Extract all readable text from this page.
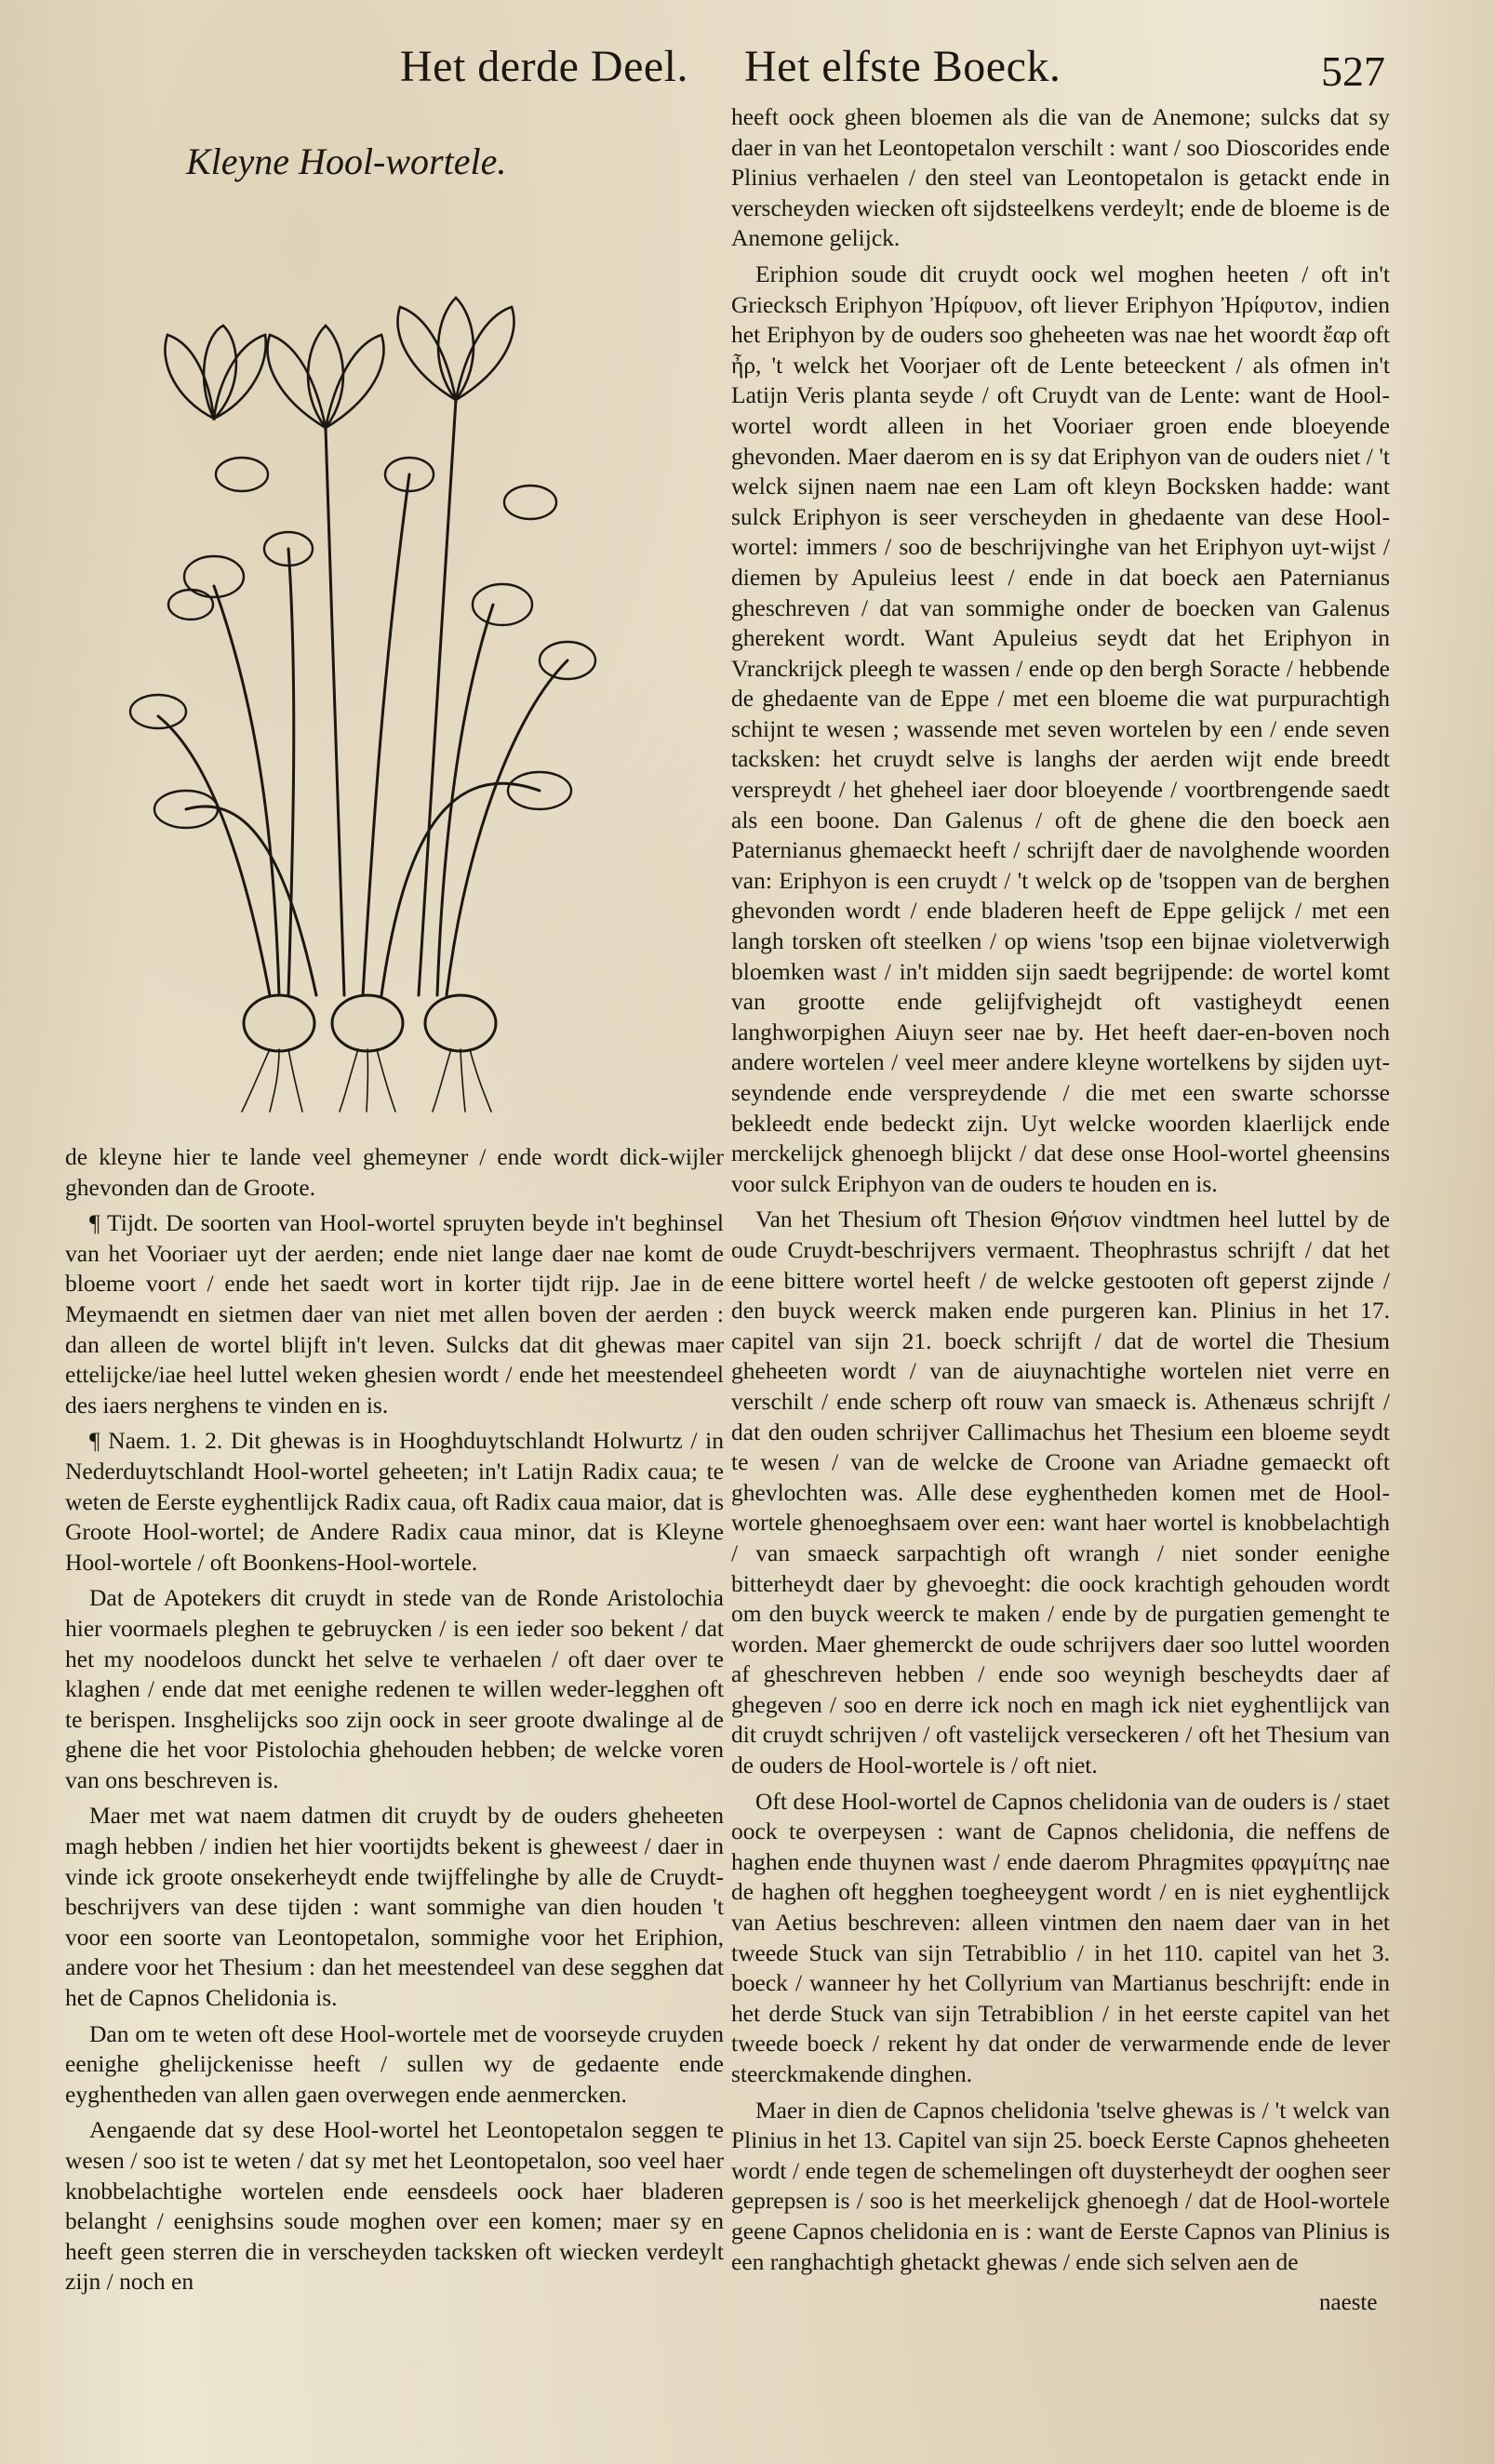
Het derde Deel. Het elfste Boeck.	527
Kleyne Hool-wortele.

de kleyne hier te lande veel ghemeyner / ende wordt dick-wijler ghevonden dan de Groote.

¶ Tijdt. De soorten van Hool-wortel spruyten beyde in't beghinsel van het Vooriaer uyt der aerden; ende niet lange daer nae komt de bloeme voort / ende het saedt wort in korter tijdt rijp. Jae in de Meymaendt en sietmen daer van niet met allen boven der aerden : dan alleen de wortel blijft in't leven. Sulcks dat dit ghewas maer ettelijcke/iae heel luttel weken ghesien wordt / ende het meestendeel des iaers nerghens te vinden en is.

¶ Naem. 1. 2. Dit ghewas is in Hooghduytschlandt Holwurtz / in Nederduytschlandt Hool-wortel geheeten; in't Latijn Radix caua; te weten de Eerste eyghentlijck Radix caua, oft Radix caua maior, dat is Groote Hool-wortel; de Andere Radix caua minor, dat is Kleyne Hool-wortele / oft Boonkens-Hool-wortele.

Dat de Apotekers dit cruydt in stede van de Ronde Aristolochia hier voormaels pleghen te gebruycken / is een ieder soo bekent / dat het my noodeloos dunckt het selve te verhaelen / oft daer over te klaghen / ende dat met eenighe redenen te willen weder-legghen oft te berispen. Insghelijcks soo zijn oock in seer groote dwalinge al de ghene die het voor Pistolochia ghehouden hebben; de welcke voren van ons beschreven is.

Maer met wat naem datmen dit cruydt by de ouders gheheeten magh hebben / indien het hier voortijdts bekent is gheweest / daer in vinde ick groote onsekerheydt ende twijffelinghe by alle de Cruydt-beschrijvers van dese tijden : want sommighe van dien houden 't voor een soorte van Leontopetalon, sommighe voor het Eriphion, andere voor het Thesium : dan het meestendeel van dese segghen dat het de Capnos Chelidonia is.

Dan om te weten oft dese Hool-wortele met de voorseyde cruyden eenighe ghelijckenisse heeft / sullen wy de gedaente ende eyghentheden van allen gaen overwegen ende aenmercken.

Aengaende dat sy dese Hool-wortel het Leontopetalon seggen te wesen / soo ist te weten / dat sy met het Leontopetalon, soo veel haer knobbelachtighe wortelen ende eensdeels oock haer bladeren belanght / eenighsins soude moghen over een komen; maer sy en heeft geen sterren die in verscheyden tacksken oft wiecken verdeylt zijn / noch en

heeft oock gheen bloemen als die van de Anemone; sulcks dat sy daer in van het Leontopetalon verschilt : want / soo Dioscorides ende Plinius verhaelen / den steel van Leontopetalon is getackt ende in verscheyden wiecken oft sijdsteelkens verdeylt; ende de bloeme is de Anemone gelijck.

Eriphion soude dit cruydt oock wel moghen heeten / oft in't Griecksch Eriphyon Ἠρίφυον, oft liever Eriphyon Ἠρίφυτον, indien het Eriphyon by de ouders soo gheheeten was nae het woordt ἔαρ oft ἦρ, 't welck het Voorjaer oft de Lente beteeckent / als ofmen in't Latijn Veris planta seyde / oft Cruydt van de Lente: want de Hool-wortel wordt alleen in het Vooriaer groen ende bloeyende ghevonden. Maer daerom en is sy dat Eriphyon van de ouders niet / 't welck sijnen naem nae een Lam oft kleyn Bocksken hadde: want sulck Eriphyon is seer verscheyden in ghedaente van dese Hool-wortel: immers / soo de beschrijvinghe van het Eriphyon uyt-wijst / diemen by Apuleius leest / ende in dat boeck aen Paternianus gheschreven / dat van sommighe onder de boecken van Galenus gherekent wordt. Want Apuleius seydt dat het Eriphyon in Vranckrijck pleegh te wassen / ende op den bergh Soracte / hebbende de ghedaente van de Eppe / met een bloeme die wat purpurachtigh schijnt te wesen ; wassende met seven wortelen by een / ende seven tacksken: het cruydt selve is langhs der aerden wijt ende breedt verspreydt / het gheheel iaer door bloeyende / voortbrengende saedt als een boone. Dan Galenus / oft de ghene die den boeck aen Paternianus ghemaeckt heeft / schrijft daer de navolghende woorden van: Eriphyon is een cruydt / 't welck op de 'tsoppen van de berghen ghevonden wordt / ende bladeren heeft de Eppe gelijck / met een langh torsken oft steelken / op wiens 'tsop een bijnae violetverwigh bloemken wast / in't midden sijn saedt begrijpende: de wortel komt van grootte ende gelijfvighejdt oft vastigheydt eenen langhworpighen Aiuyn seer nae by. Het heeft daer-en-boven noch andere wortelen / veel meer andere kleyne wortelkens by sijden uyt-seyndende ende verspreydende / die met een swarte schorsse bekleedt ende bedeckt zijn. Uyt welcke woorden klaerlijck ende merckelijck ghenoegh blijckt / dat dese onse Hool-wortel gheensins voor sulck Eriphyon van de ouders te houden en is.

Van het Thesium oft Thesion Θήσιον vindtmen heel luttel by de oude Cruydt-beschrijvers vermaent. Theophrastus schrijft / dat het eene bittere wortel heeft / de welcke gestooten oft geperst zijnde / den buyck weerck maken ende purgeren kan. Plinius in het 17. capitel van sijn 21. boeck schrijft / dat de wortel die Thesium gheheeten wordt / van de aiuynachtighe wortelen niet verre en verschilt / ende scherp oft rouw van smaeck is. Athenæus schrijft / dat den ouden schrijver Callimachus het Thesium een bloeme seydt te wesen / van de welcke de Croone van Ariadne gemaeckt oft ghevlochten was. Alle dese eyghentheden komen met de Hool-wortele ghenoeghsaem over een: want haer wortel is knobbelachtigh / van smaeck sarpachtigh oft wrangh / niet sonder eenighe bitterheydt daer by ghevoeght: die oock krachtigh gehouden wordt om den buyck weerck te maken / ende by de purgatien gemenght te worden. Maer ghemerckt de oude schrijvers daer soo luttel woorden af gheschreven hebben / ende soo weynigh bescheydts daer af ghegeven / soo en derre ick noch en magh ick niet eyghentlijck van dit cruydt schrijven / oft vastelijck verseckeren / oft het Thesium van de ouders de Hool-wortele is / oft niet.

Oft dese Hool-wortel de Capnos chelidonia van de ouders is / staet oock te overpeysen : want de Capnos chelidonia, die neffens de haghen ende thuynen wast / ende daerom Phragmites φραγμίτης nae de haghen oft hegghen toegheeygent wordt / en is niet eyghentlijck van Aetius beschreven: alleen vintmen den naem daer van in het tweede Stuck van sijn Tetrabiblio / in het 110. capitel van het 3. boeck / wanneer hy het Collyrium van Martianus beschrijft: ende in het derde Stuck van sijn Tetrabiblion / in het eerste capitel van het tweede boeck / rekent hy dat onder de verwarmende ende de lever steerckmakende dinghen.

Maer in dien de Capnos chelidonia 'tselve ghewas is / 't welck van Plinius in het 13. Capitel van sijn 25. boeck Eerste Capnos gheheeten wordt / ende tegen de schemelingen oft duysterheydt der ooghen seer geprepsen is / soo is het meerkelijck ghenoegh / dat de Hool-wortele geene Capnos chelidonia en is : want de Eerste Capnos van Plinius is een ranghachtigh ghetackt ghewas / ende sich selven aen de

naeste
